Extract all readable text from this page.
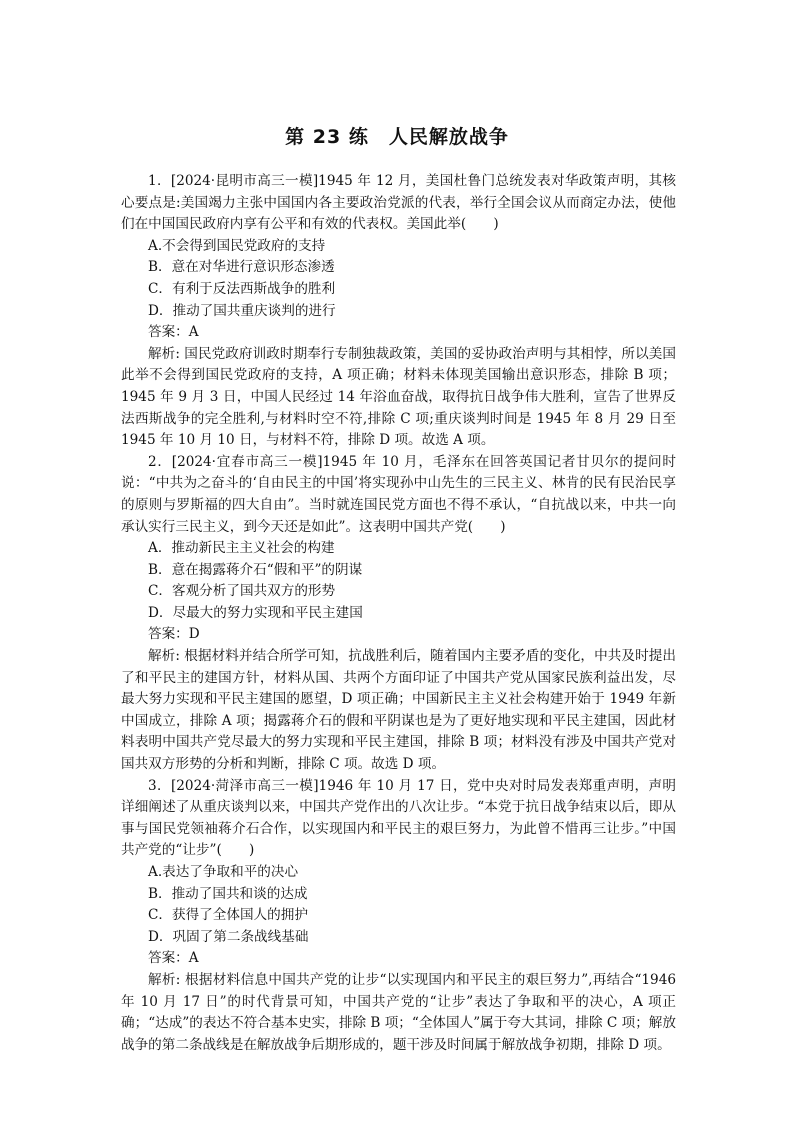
第 23 练　人民解放战争

1．[2024·昆明市高三一模]1945 年 12 月，美国杜鲁门总统发表对华政策声明，其核心要点是:美国竭力主张中国国内各主要政治党派的代表，举行全国会议从而商定办法，使他们在中国国民政府内享有公平和有效的代表权。美国此举(　　)

A.不会得到国民党政府的支持

B．意在对华进行意识形态渗透

C．有利于反法西斯战争的胜利

D．推动了国共重庆谈判的进行

答案：A

解析: 国民党政府训政时期奉行专制独裁政策，美国的妥协政治声明与其相悖，所以美国此举不会得到国民党政府的支持，A 项正确；材料未体现美国输出意识形态，排除 B 项；1945 年 9 月 3 日，中国人民经过 14 年浴血奋战，取得抗日战争伟大胜利，宣告了世界反法西斯战争的完全胜利,与材料时空不符,排除 C 项;重庆谈判时间是 1945 年 8 月 29 日至 1945 年 10 月 10 日，与材料不符，排除 D 项。故选 A 项。

2．[2024·宜春市高三一模]1945 年 10 月，毛泽东在回答英国记者甘贝尔的提问时说：“中共为之奋斗的‘自由民主的中国’将实现孙中山先生的三民主义、林肯的民有民治民享的原则与罗斯福的四大自由”。当时就连国民党方面也不得不承认，“自抗战以来，中共一向承认实行三民主义，到今天还是如此”。这表明中国共产党(　　)

A．推动新民主主义社会的构建

B．意在揭露蒋介石“假和平”的阴谋

C．客观分析了国共双方的形势

D．尽最大的努力实现和平民主建国

答案：D

解析: 根据材料并结合所学可知，抗战胜利后，随着国内主要矛盾的变化，中共及时提出了和平民主的建国方针，材料从国、共两个方面印证了中国共产党从国家民族利益出发，尽最大努力实现和平民主建国的愿望，D 项正确；中国新民主主义社会构建开始于 1949 年新中国成立，排除 A 项；揭露蒋介石的假和平阴谋也是为了更好地实现和平民主建国，因此材料表明中国共产党尽最大的努力实现和平民主建国，排除 B 项；材料没有涉及中国共产党对国共双方形势的分析和判断，排除 C 项。故选 D 项。

3．[2024·菏泽市高三一模]1946 年 10 月 17 日，党中央对时局发表郑重声明，声明详细阐述了从重庆谈判以来，中国共产党作出的八次让步。“本党于抗日战争结束以后，即从事与国民党领袖蒋介石合作，以实现国内和平民主的艰巨努力，为此曾不惜再三让步。”中国共产党的“让步”(　　)

A.表达了争取和平的决心

B．推动了国共和谈的达成

C．获得了全体国人的拥护

D．巩固了第二条战线基础

答案：A

解析: 根据材料信息中国共产党的让步“以实现国内和平民主的艰巨努力”,再结合“1946 年 10 月 17 日”的时代背景可知，中国共产党的“让步”表达了争取和平的决心，A 项正确；“达成”的表达不符合基本史实，排除 B 项；“全体国人”属于夸大其词，排除 C 项；解放战争的第二条战线是在解放战争后期形成的，题干涉及时间属于解放战争初期，排除 D 项。
